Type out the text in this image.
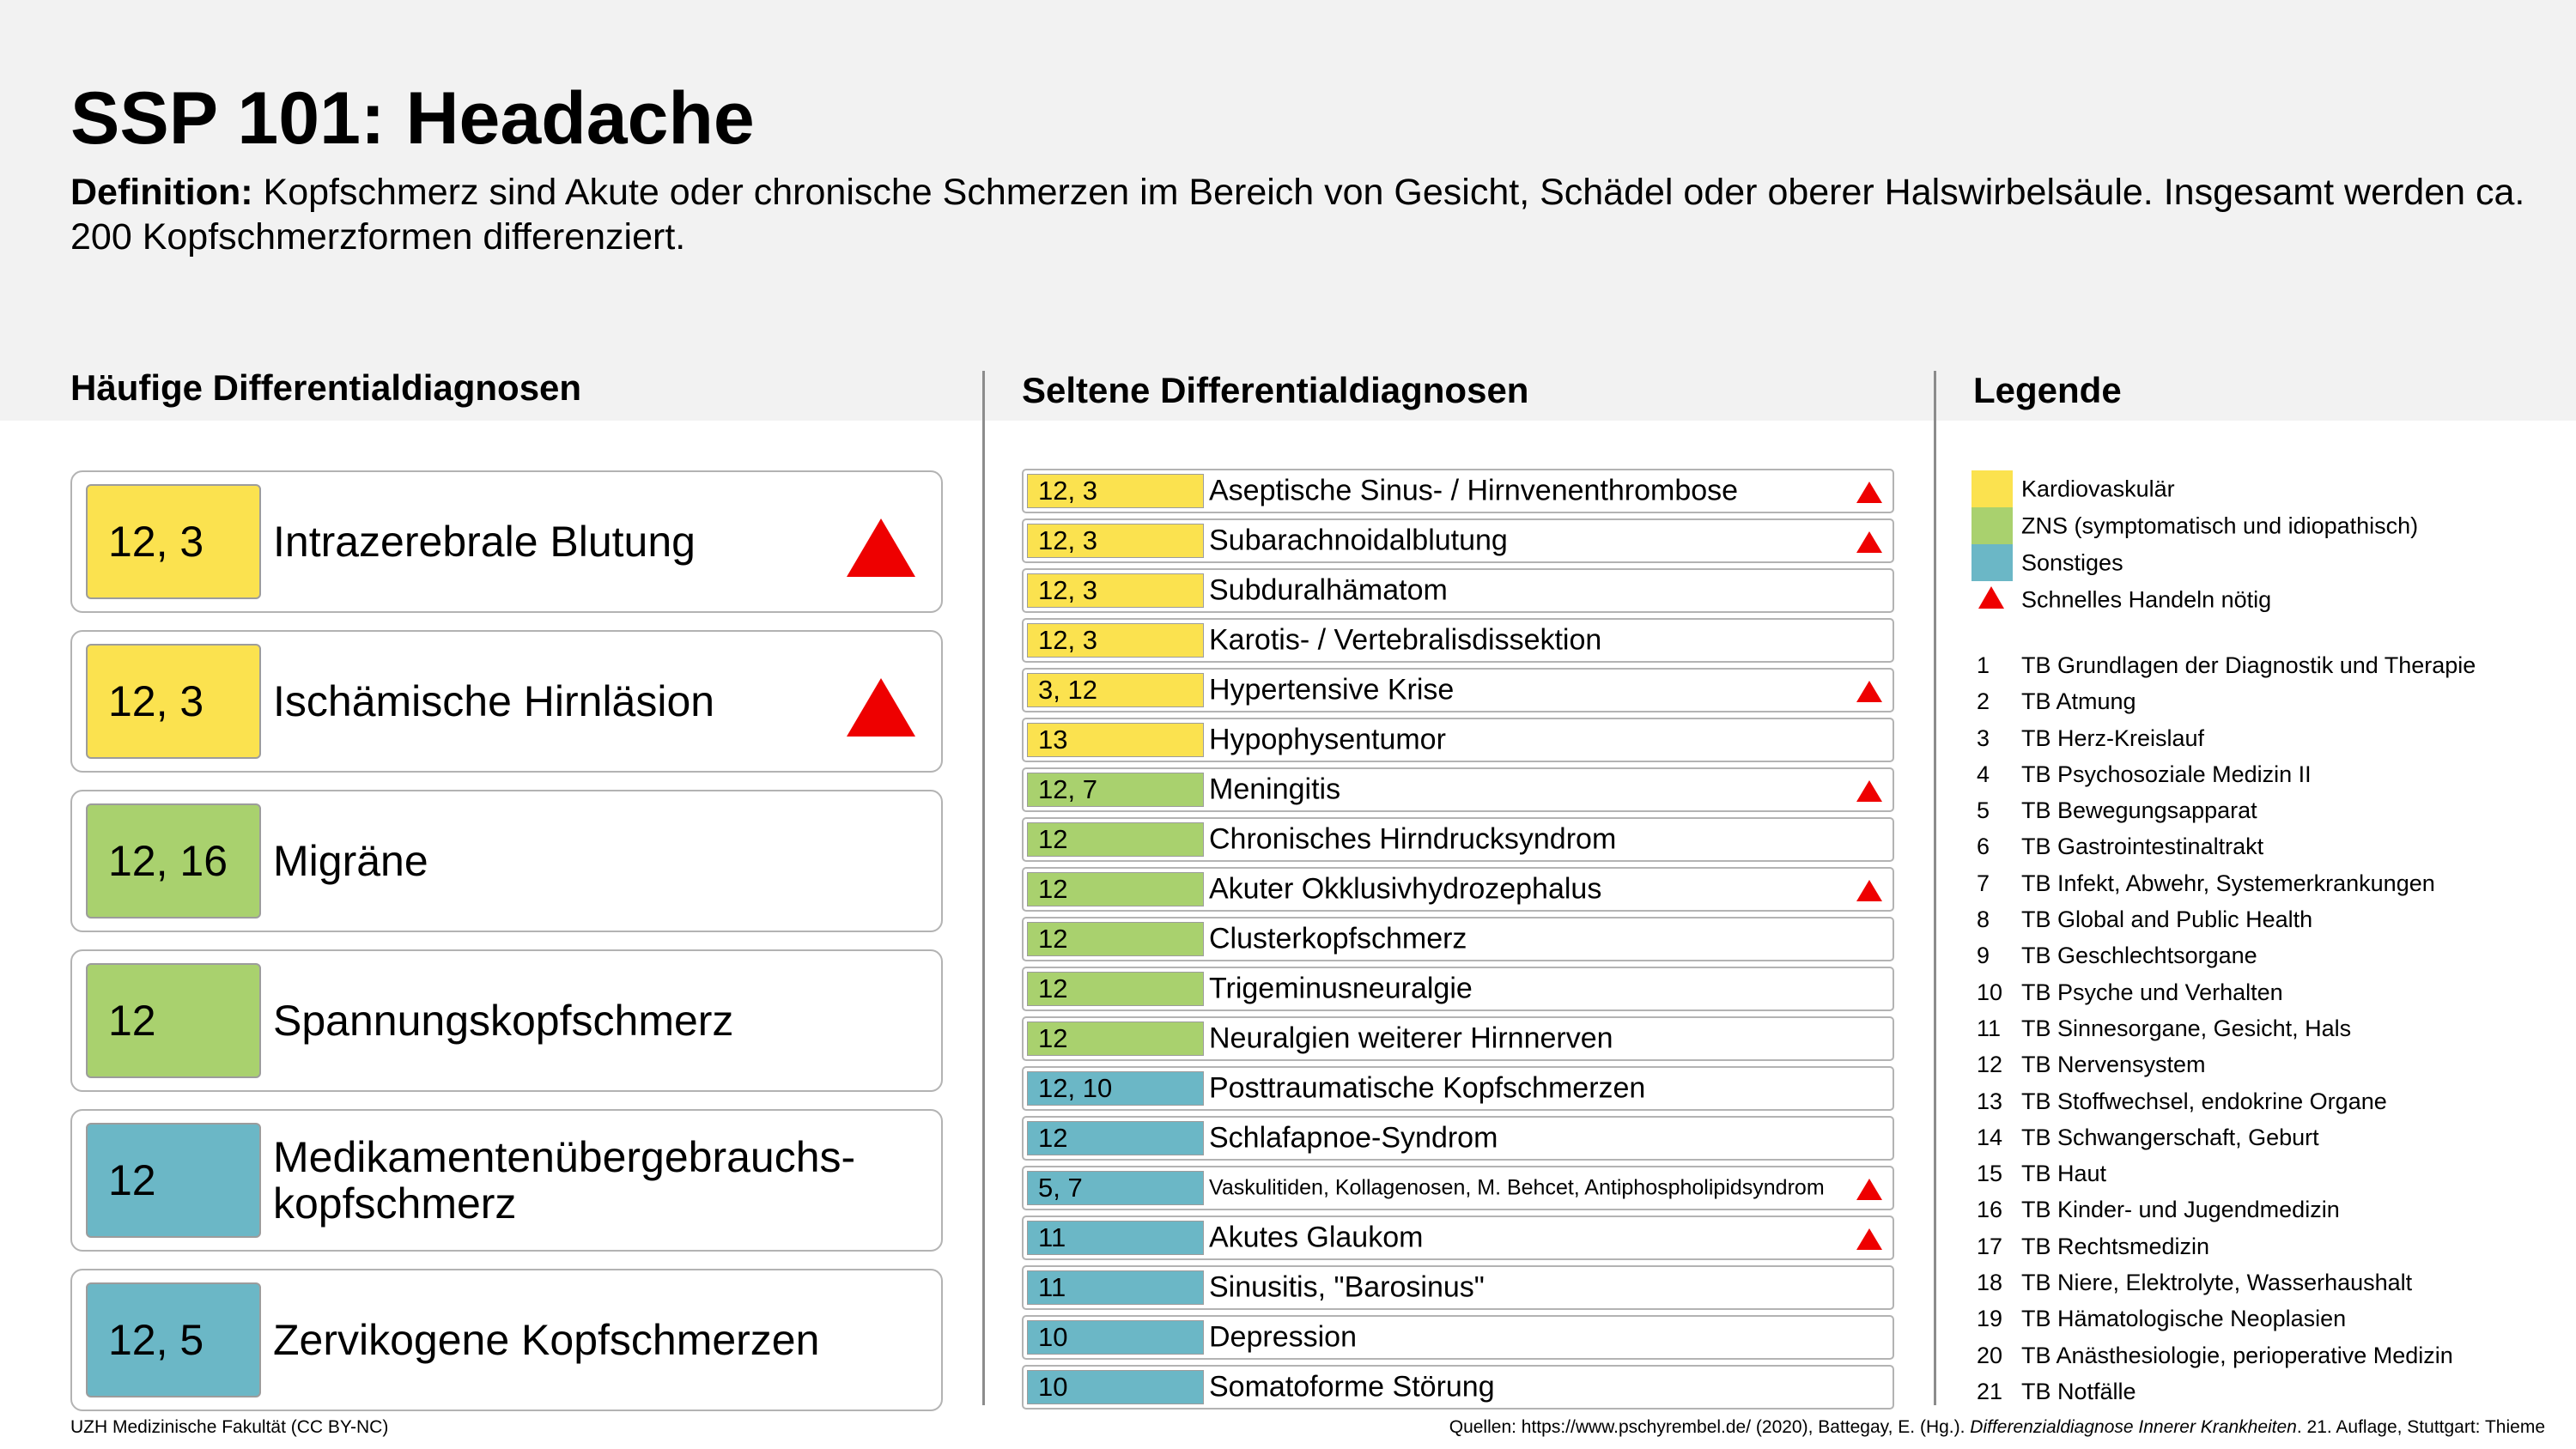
SSP 101: Headache
Definition: Kopfschmerz sind Akute oder chronische Schmerzen im Bereich von Gesicht, Schädel oder oberer Halswirbelsäule. Insgesamt werden ca. 200 Kopfschmerzformen differenziert.
Häufige Differentialdiagnosen	Seltene Differentialdiagnosen	Legende
12, 3 Intrazerebrale Blutung
12, 3 Ischämische Hirnläsion
12, 16 Migräne
12	Spannungskopfschmerz
12	Medikamentenübergebrauchs-
kopfschmerz
12, 5 Zervikogene Kopfschmerzen
12, 3	Aseptische Sinus- / Hirnvenenthrombose
12, 3	Subarachnoidalblutung
12, 3	Subduralhämatom
12, 3	Karotis- / Vertebralisdissektion
3, 12	Hypertensive Krise
13	Hypophysentumor
12, 7	Meningitis
12	Chronisches Hirndrucksyndrom
12	Akuter Okklusivhydrozephalus
12	Clusterkopfschmerz
12	Trigeminusneuralgie
12	Neuralgien weiterer Hirnnerven
12, 10	Posttraumatische Kopfschmerzen
12	Schlafapnoe-Syndrom
5, 7	Vaskulitiden, Kollagenosen, M. Behcet, Antiphospholipidsyndrom
11	Akutes Glaukom
11	Sinusitis, "Barosinus"
10	Depression
10	Somatoforme Störung
Kardiovaskulär
ZNS (symptomatisch und idiopathisch)
Sonstiges
Schnelles Handeln nötig
1	TB Grundlagen der Diagnostik und Therapie
2	TB Atmung
3	TB Herz-Kreislauf
4	TB Psychosoziale Medizin II
5	TB Bewegungsapparat
6	TB Gastrointestinaltrakt
7	TB Infekt, Abwehr, Systemerkrankungen
8	TB Global and Public Health
9	TB Geschlechtsorgane
10 TB Psyche und Verhalten
11 TB Sinnesorgane, Gesicht, Hals
12 TB Nervensystem
13 TB Stoffwechsel, endokrine Organe
14 TB Schwangerschaft, Geburt
15 TB Haut
16 TB Kinder- und Jugendmedizin
17 TB Rechtsmedizin
18 TB Niere, Elektrolyte, Wasserhaushalt
19 TB Hämatologische Neoplasien
20 TB Anästhesiologie, perioperative Medizin
21 TB Notfälle
UZH Medizinische Fakultät (CC BY-NC)	Quellen: https://www.pschyrembel.de/ (2020), Battegay, E. (Hg.). Differenzialdiagnose Innerer Krankheiten. 21. Auflage, Stuttgart: Thieme
